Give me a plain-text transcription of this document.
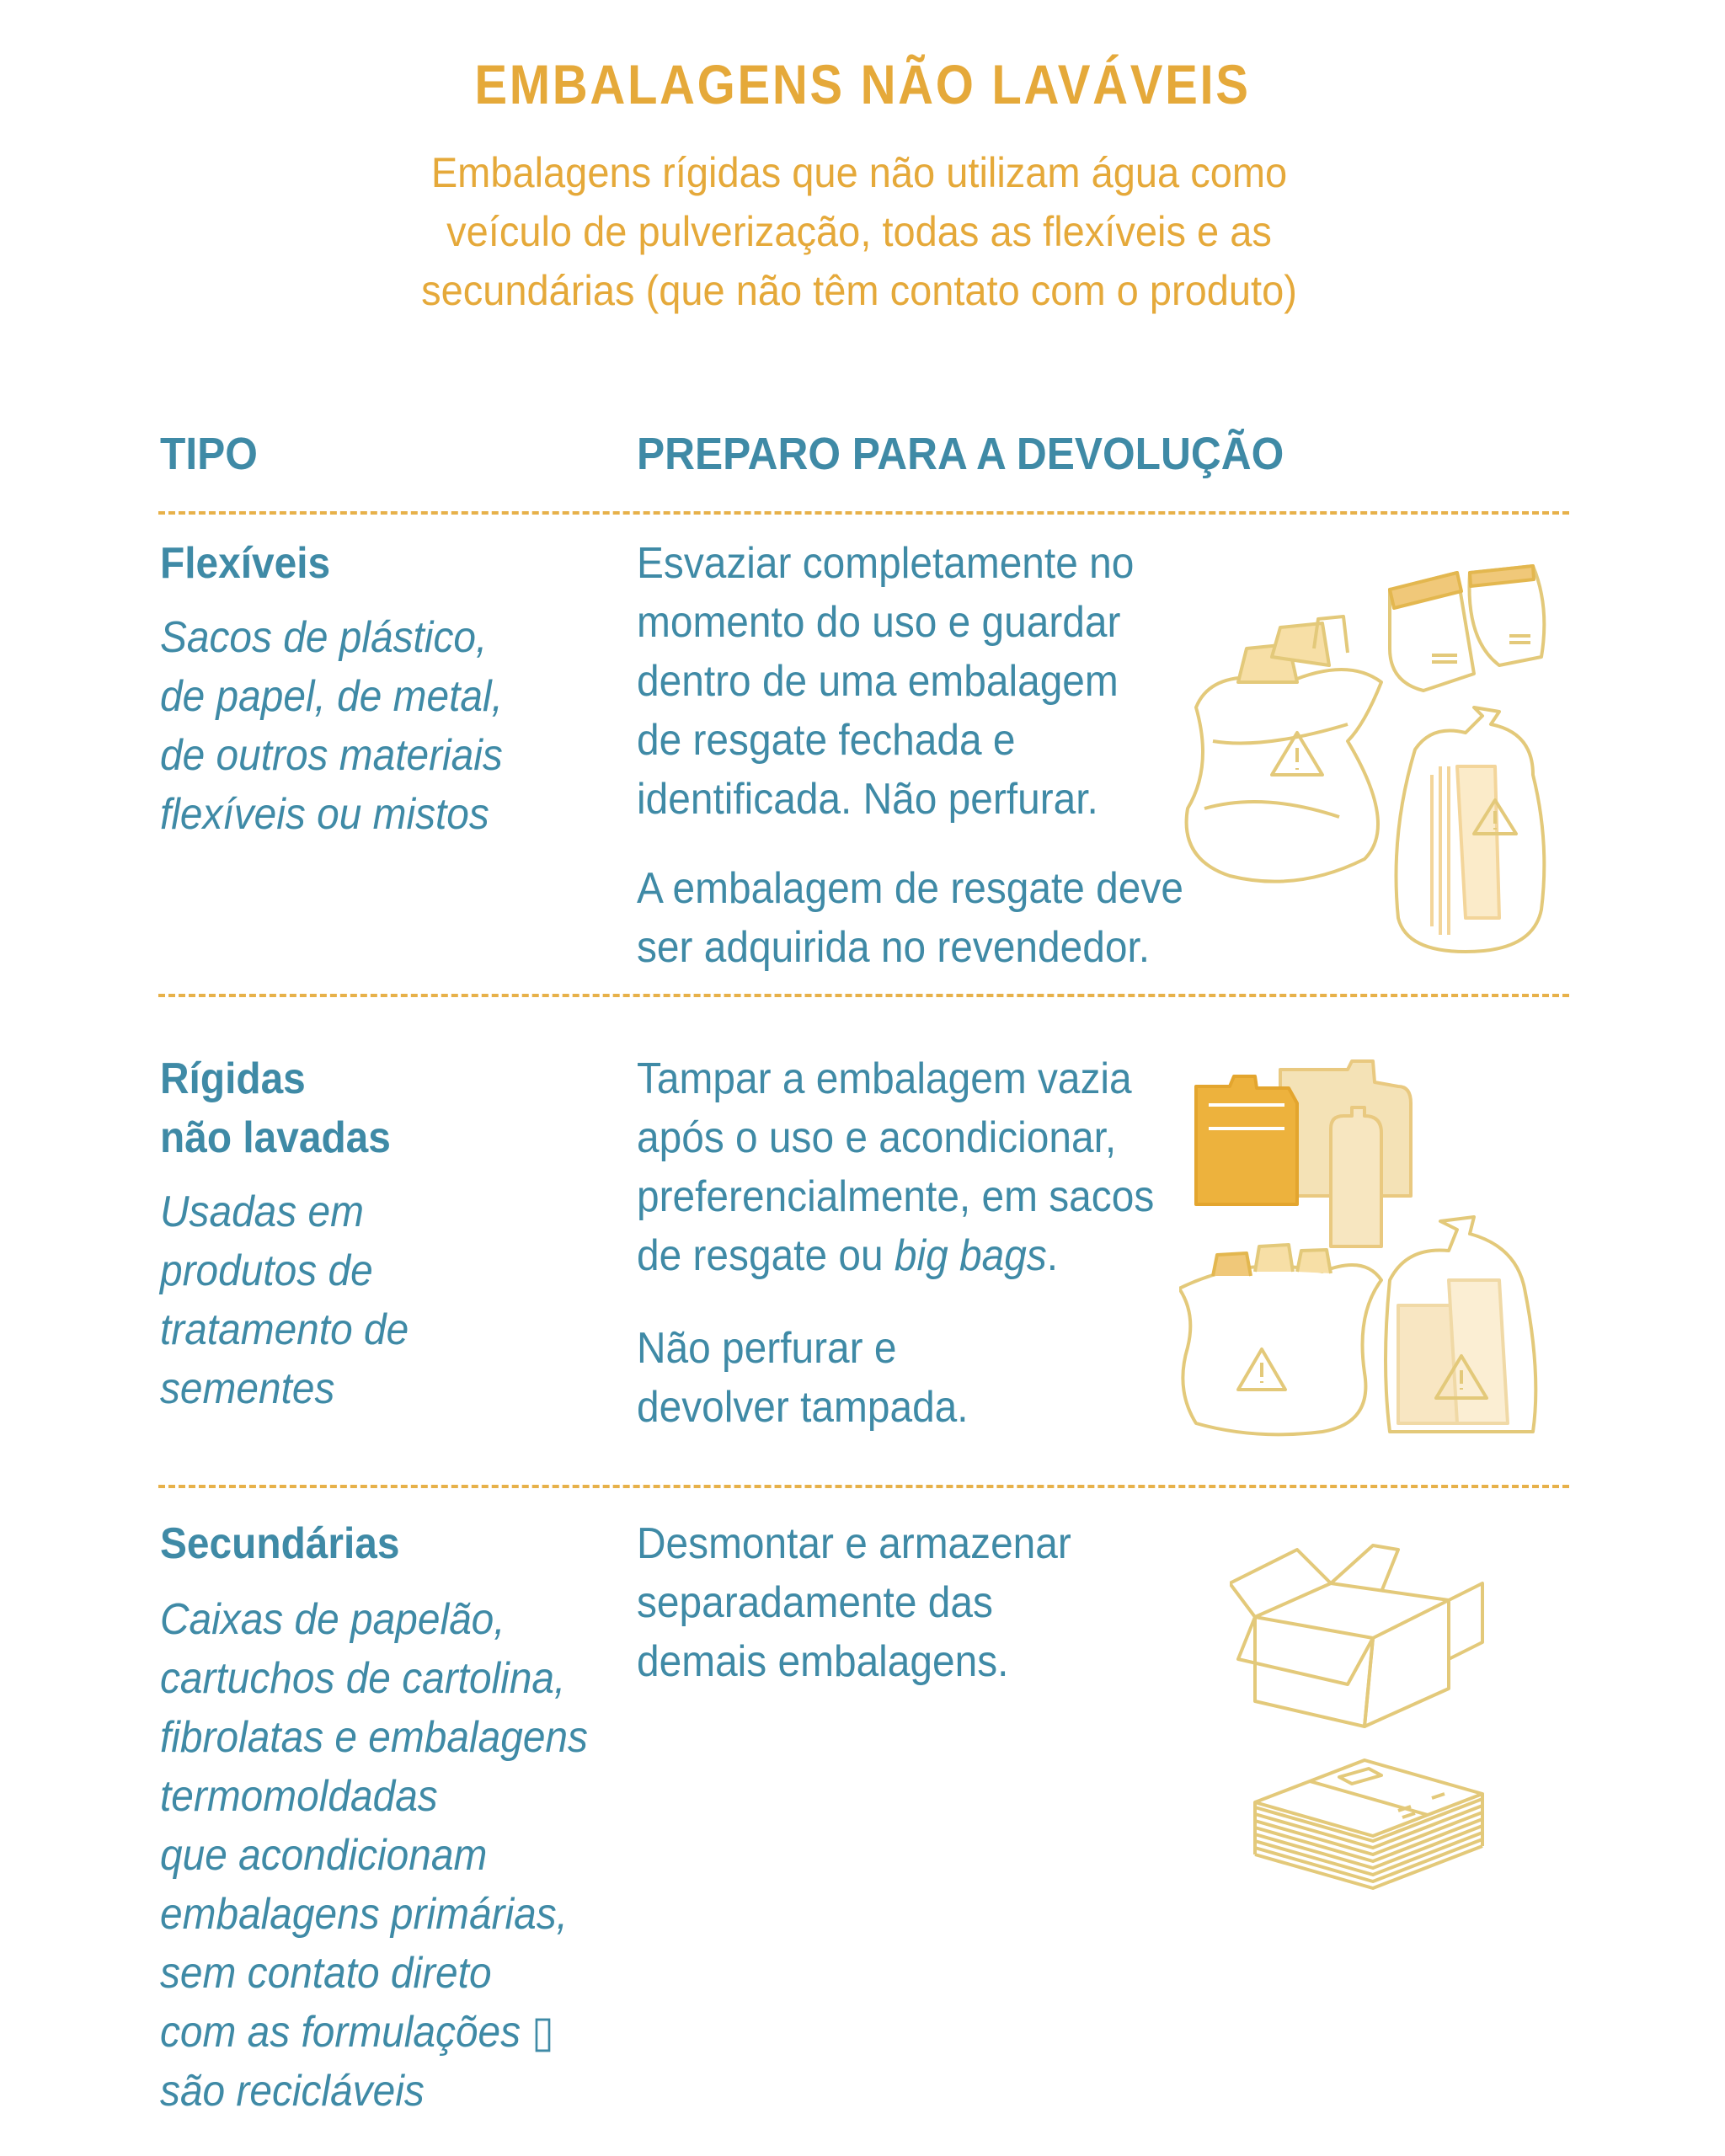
EMBALAGENS NÃO LAVÁVEIS
Embalagens rígidas que não utilizam água como
veículo de pulverização, todas as flexíveis e as
secundárias (que não têm contato com o produto)
TIPO	PREPARO PARA A DEVOLUÇÃO
Flexíveis
Sacos de plástico,
de papel, de metal,
de outros materiais
flexíveis ou mistos
Esvaziar completamente no
momento do uso e guardar
dentro de uma embalagem
de resgate fechada e
identificada. Não perfurar.
A embalagem de resgate deve
ser adquirida no revendedor.
Rígidas
não lavadas
Usadas em
produtos de
tratamento de
sementes
Tampar a embalagem vazia
após o uso e acondicionar,
preferencialmente, em sacos
de resgate ou big bags.
Não perfurar e
devolver tampada.
Secundárias
Caixas de papelão,
cartuchos de cartolina,
fibrolatas e embalagens
termomoldadas
que acondicionam
embalagens primárias,
sem contato direto
com as formulações ▯
são recicláveis
Desmontar e armazenar
separadamente das
demais embalagens.
